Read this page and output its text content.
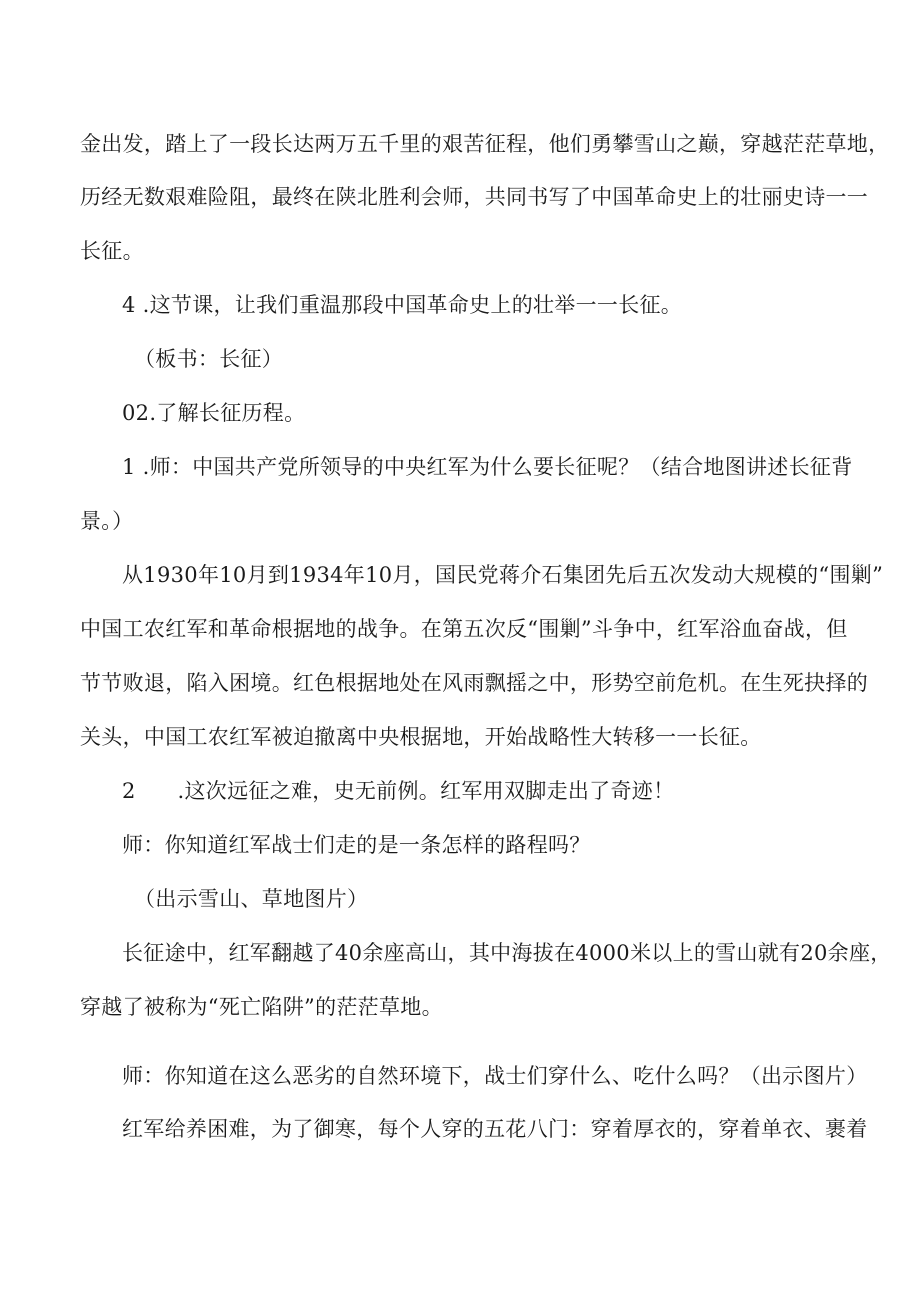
金出发，踏上了一段长达两万五千里的艰苦征程，他们勇攀雪山之巅，穿越茫茫草地，
历经无数艰难险阻，最终在陕北胜利会师，共同书写了中国革命史上的壮丽史诗一一
长征。
4 .这节课，让我们重温那段中国革命史上的壮举一一长征。
（板书：长征）
02.了解长征历程。
1 .师：中国共产党所领导的中央红军为什么要长征呢？（结合地图讲述长征背
景。）
从1930年10月到1934年10月，国民党蒋介石集团先后五次发动大规模的“围剿”
中国工农红军和革命根据地的战争。在第五次反“围剿”斗争中，红军浴血奋战，但
节节败退，陷入困境。红色根据地处在风雨飘摇之中，形势空前危机。在生死抉择的
关头，中国工农红军被迫撤离中央根据地，开始战略性大转移一一长征。
2      .这次远征之难，史无前例。红军用双脚走出了奇迹！
师：你知道红军战士们走的是一条怎样的路程吗？
（出示雪山、草地图片）
长征途中，红军翻越了40余座高山，其中海拔在4000米以上的雪山就有20余座，
穿越了被称为“死亡陷阱”的茫茫草地。
师：你知道在这么恶劣的自然环境下，战士们穿什么、吃什么吗？（出示图片）
红军给养困难，为了御寒，每个人穿的五花八门：穿着厚衣的，穿着单衣、裹着
